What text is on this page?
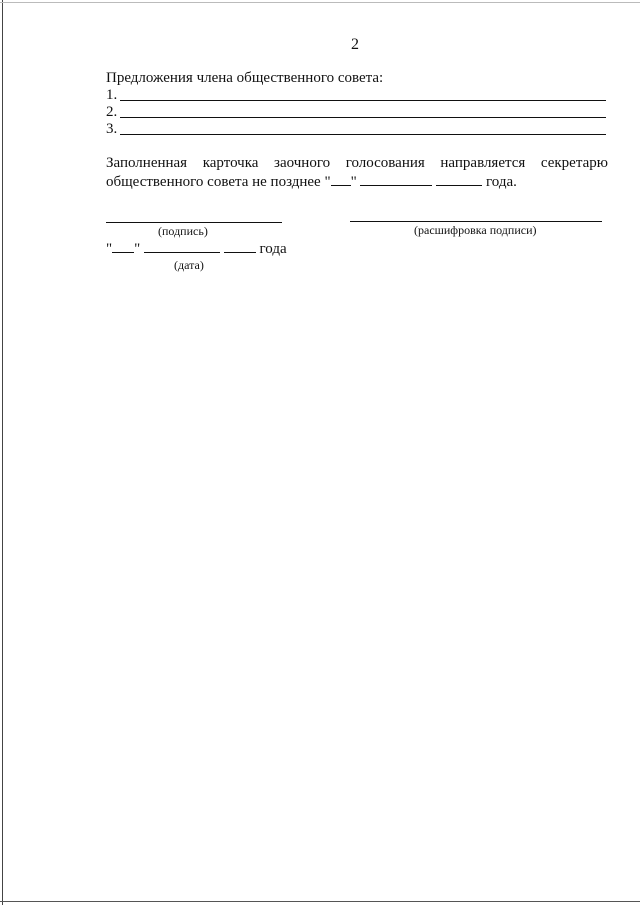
2
Предложения члена общественного совета:
1.
2.
3.
Заполненная карточка заочного голосования направляется секретарю
общественного совета не позднее " "	года.
(подпись)	(расшифровка подписи)
" "	года
(дата)
